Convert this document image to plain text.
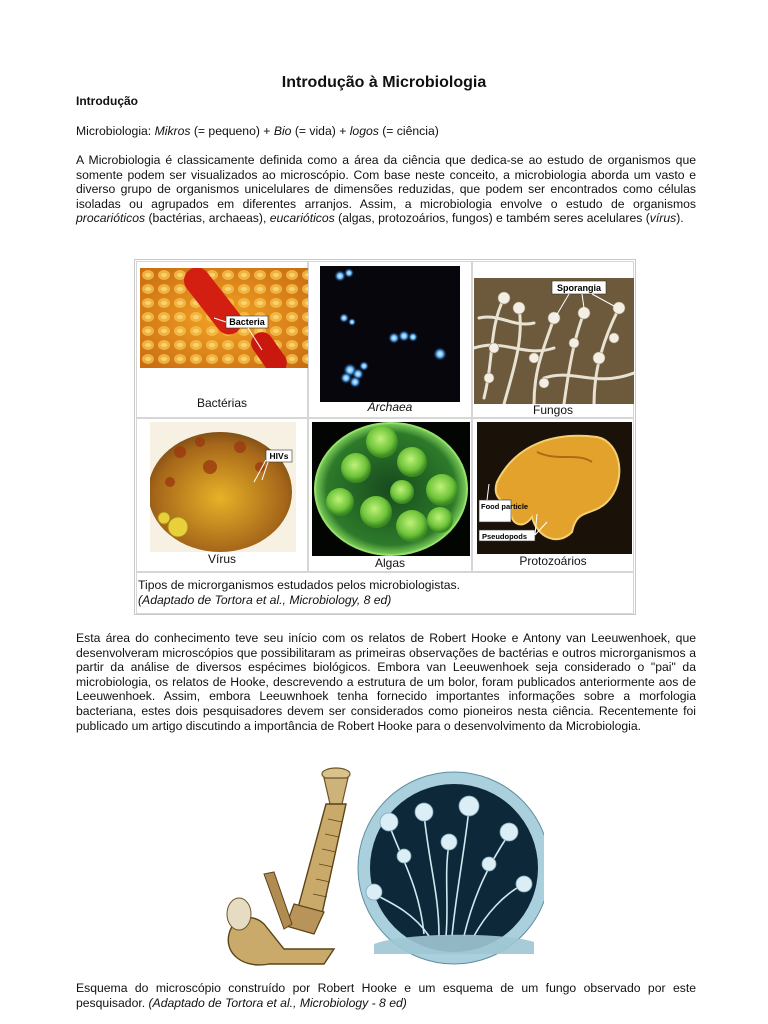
Introdução à Microbiologia
Introdução

Microbiologia: Mikros (= pequeno) + Bio (= vida) + logos (= ciência)

A Microbiologia é classicamente definida como a área da ciência que dedica-se ao estudo de organismos que somente podem ser visualizados ao microscópio. Com base neste conceito, a microbiologia aborda um vasto e diverso grupo de organismos unicelulares de dimensões reduzidas, que podem ser encontrados como células isoladas ou agrupados em diferentes arranjos. Assim, a microbiologia envolve o estudo de organismos procarióticos (bactérias, archaeas), eucarióticos (algas, protozoários, fungos) e também seres acelulares (vírus).

Bacteria
Bactérias	Archaea
Sporangia
Fungos
HIVs
Vírus	Algas
Food particle
Pseudopods
Protozoários
Tipos de microrganismos estudados pelos microbiologistas.
(Adaptado de Tortora et al., Microbiology, 8 ed)

Esta área do conhecimento teve seu início com os relatos de Robert Hooke e Antony van Leeuwenhoek, que desenvolveram microscópios que possibilitaram as primeiras observações de bactérias e outros microrganismos a partir da análise de diversos espécimes biológicos. Embora van Leeuwenhoek seja considerado o "pai" da microbiologia, os relatos de Hooke, descrevendo a estrutura de um bolor, foram publicados anteriormente aos de Leeuwenhoek. Assim, embora Leeuwnhoek tenha fornecido importantes informações sobre a morfologia bacteriana, estes dois pesquisadores devem ser considerados como pioneiros nesta ciência. Recentemente foi publicado um artigo discutindo a importância de Robert Hooke para o desenvolvimento da Microbiologia.

Esquema do microscópio construído por Robert Hooke e um esquema de um fungo observado por este pesquisador. (Adaptado de Tortora et al., Microbiology - 8 ed)
